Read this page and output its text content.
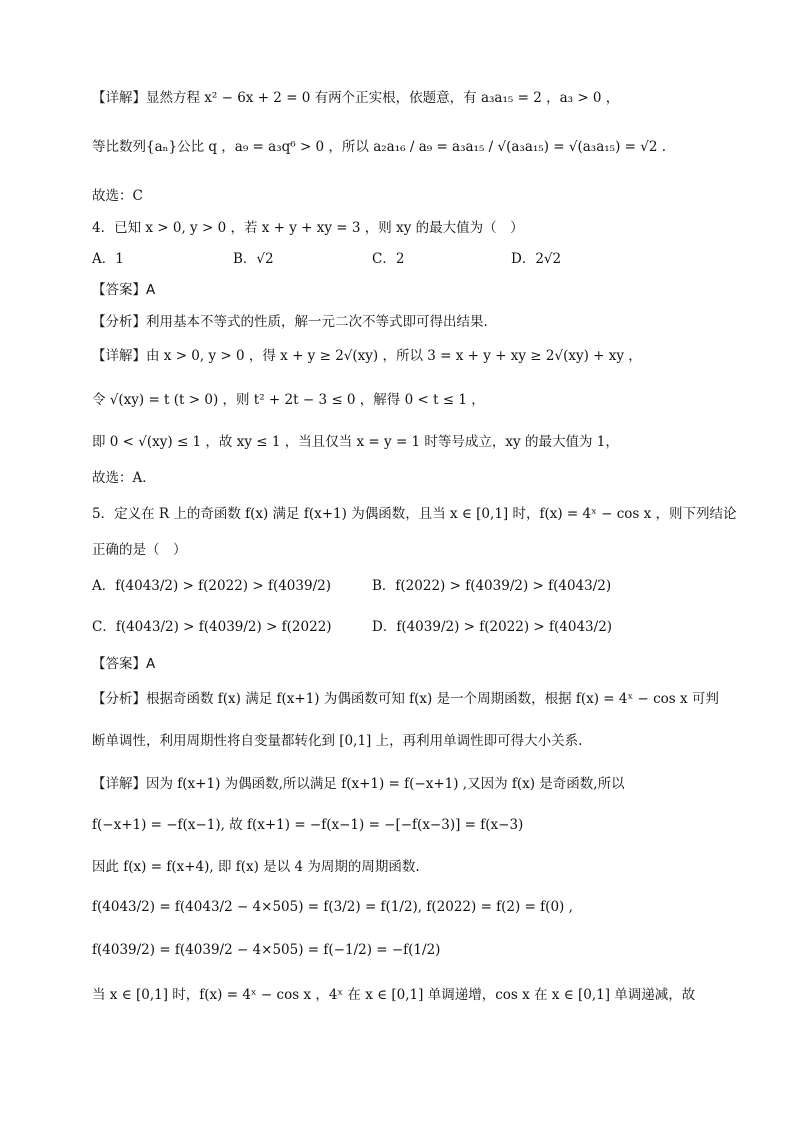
【详解】显然方程 x² − 6x + 2 = 0 有两个正实根，依题意，有 a₃a₁₅ = 2 ，a₃ > 0 ，
等比数列{aₙ}公比 q ，a₉ = a₃q⁶ > 0 ，所以 a₂a₁₆ / a₉ = a₃a₁₅ / √(a₃a₁₅) = √(a₃a₁₅) = √2 .
故选：C
4．已知 x > 0, y > 0 ，若 x + y + xy = 3 ，则 xy 的最大值为（　）
A．1	B．√2	C．2	D．2√2
【答案】A
【分析】利用基本不等式的性质，解一元二次不等式即可得出结果.
【详解】由 x > 0, y > 0 ，得 x + y ≥ 2√(xy) ，所以 3 = x + y + xy ≥ 2√(xy) + xy ，
令 √(xy) = t (t > 0) ，则 t² + 2t − 3 ≤ 0 ，解得 0 < t ≤ 1 ，
即 0 < √(xy) ≤ 1 ，故 xy ≤ 1 ，当且仅当 x = y = 1 时等号成立，xy 的最大值为 1，
故选：A．
5．定义在 R 上的奇函数 f(x) 满足 f(x+1) 为偶函数，且当 x ∈ [0,1] 时，f(x) = 4ˣ − cos x ，则下列结论
正确的是（　）
A．f(4043/2) > f(2022) > f(4039/2)	B．f(2022) > f(4039/2) > f(4043/2)
C．f(4043/2) > f(4039/2) > f(2022)	D．f(4039/2) > f(2022) > f(4043/2)
【答案】A
【分析】根据奇函数 f(x) 满足 f(x+1) 为偶函数可知 f(x) 是一个周期函数，根据 f(x) = 4ˣ − cos x 可判
断单调性，利用周期性将自变量都转化到 [0,1] 上，再利用单调性即可得大小关系.
【详解】因为 f(x+1) 为偶函数,所以满足 f(x+1) = f(−x+1) ,又因为 f(x) 是奇函数,所以
f(−x+1) = −f(x−1), 故 f(x+1) = −f(x−1) = −[−f(x−3)] = f(x−3)
因此 f(x) = f(x+4), 即 f(x) 是以 4 为周期的周期函数.
f(4043/2) = f(4043/2 − 4×505) = f(3/2) = f(1/2), f(2022) = f(2) = f(0) ,
f(4039/2) = f(4039/2 − 4×505) = f(−1/2) = −f(1/2)
当 x ∈ [0,1] 时，f(x) = 4ˣ − cos x ，4ˣ 在 x ∈ [0,1] 单调递增，cos x 在 x ∈ [0,1] 单调递减，故
